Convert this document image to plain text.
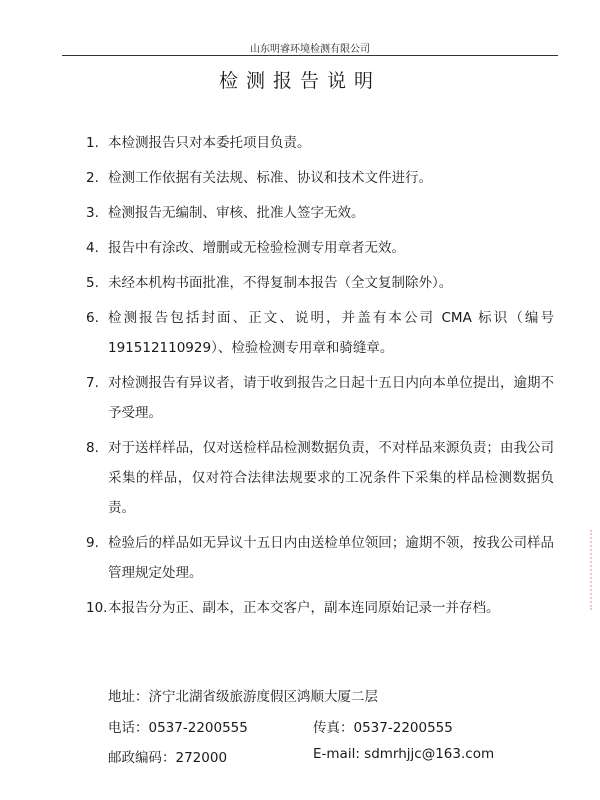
山东明睿环境检测有限公司
检测报告说明
1. 本检测报告只对本委托项目负责。
2. 检测工作依据有关法规、标准、协议和技术文件进行。
3. 检测报告无编制、审核、批准人签字无效。
4. 报告中有涂改、增删或无检验检测专用章者无效。
5. 未经本机构书面批准，不得复制本报告（全文复制除外）。
6. 检测报告包括封面、正文、说明，并盖有本公司 CMA 标识（编号 191512110929）、检验检测专用章和骑缝章。
7. 对检测报告有异议者，请于收到报告之日起十五日内向本单位提出，逾期不予受理。
8. 对于送样样品，仅对送检样品检测数据负责，不对样品来源负责；由我公司采集的样品，仅对符合法律法规要求的工况条件下采集的样品检测数据负责。
9. 检验后的样品如无异议十五日内由送检单位领回；逾期不领，按我公司样品管理规定处理。
10. 本报告分为正、副本，正本交客户，副本连同原始记录一并存档。
地址：济宁北湖省级旅游度假区鸿顺大厦二层
电话：0537-2200555	传真：0537-2200555
邮政编码：272000	E-mail: sdmrhjjc@163.com
